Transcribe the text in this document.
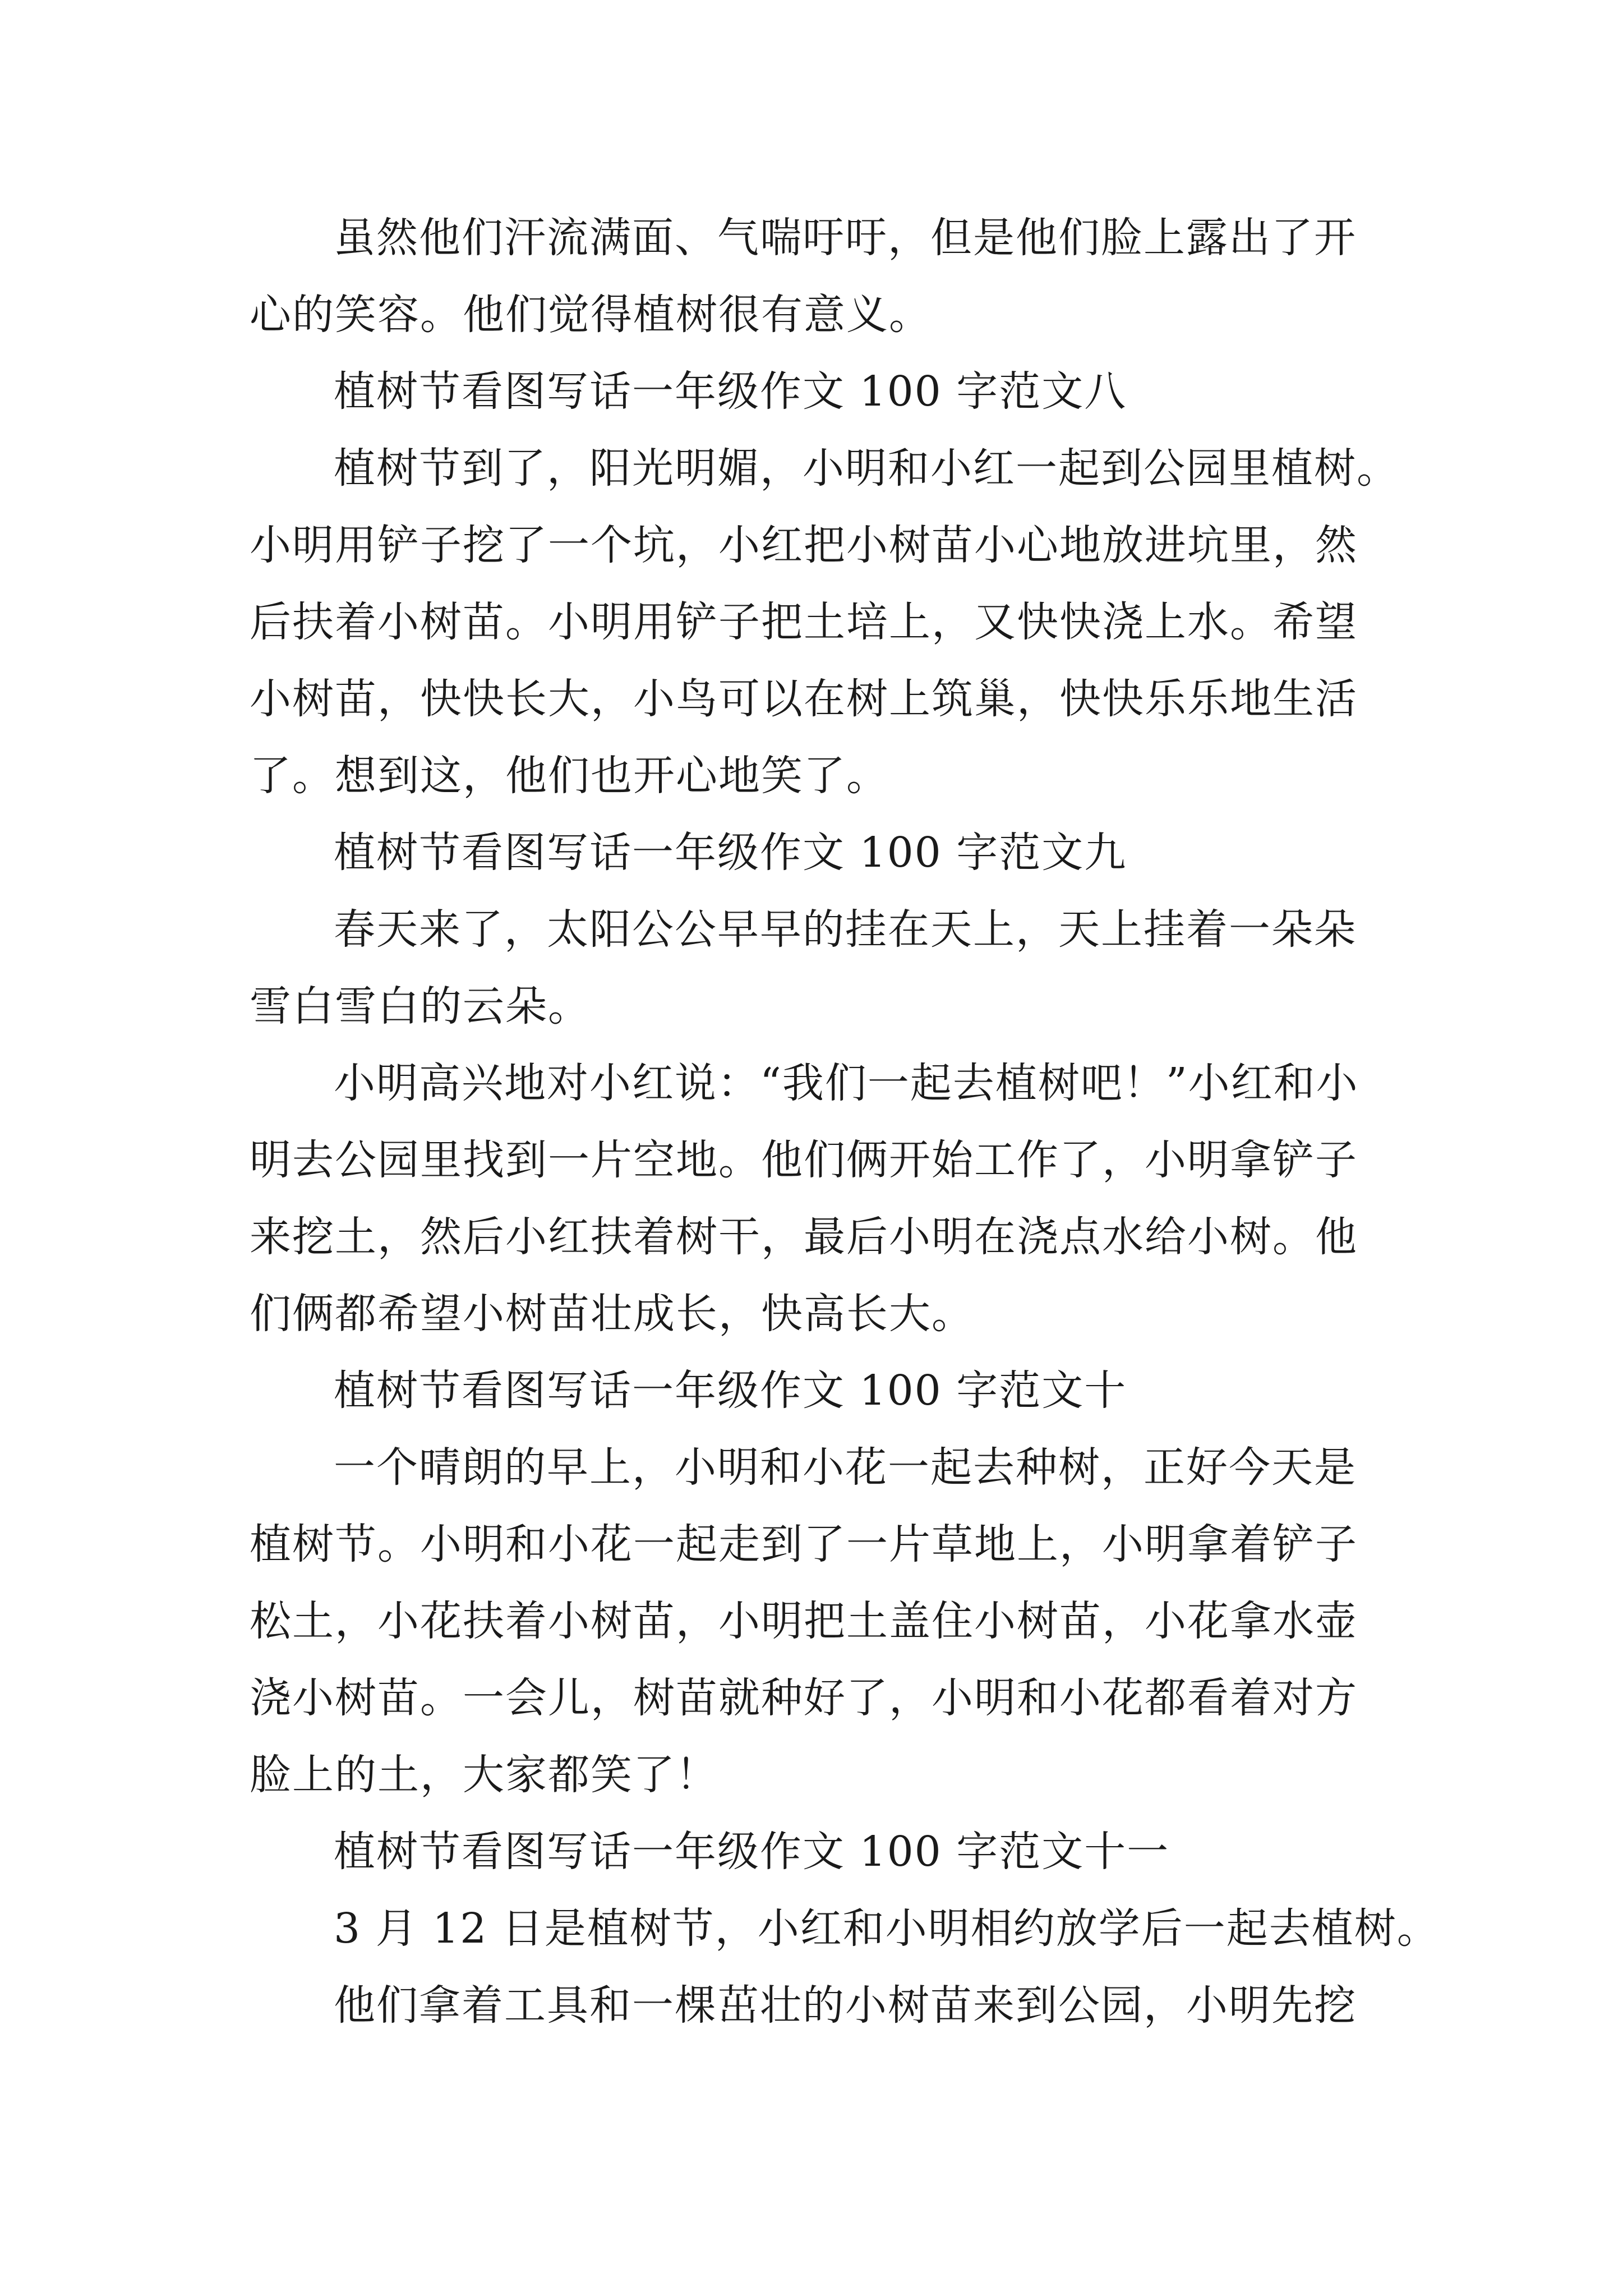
虽然他们汗流满面、气喘吁吁，但是他们脸上露出了开
心的笑容。他们觉得植树很有意义。
植树节看图写话一年级作文 100 字范文八
植树节到了，阳光明媚，小明和小红一起到公园里植树。
小明用铲子挖了一个坑，小红把小树苗小心地放进坑里，然
后扶着小树苗。小明用铲子把土培上，又快快浇上水。希望
小树苗，快快长大，小鸟可以在树上筑巢，快快乐乐地生活
了。想到这，他们也开心地笑了。
植树节看图写话一年级作文 100 字范文九
春天来了，太阳公公早早的挂在天上，天上挂着一朵朵
雪白雪白的云朵。
小明高兴地对小红说：“我们一起去植树吧！”小红和小
明去公园里找到一片空地。他们俩开始工作了，小明拿铲子
来挖土，然后小红扶着树干，最后小明在浇点水给小树。他
们俩都希望小树苗壮成长，快高长大。
植树节看图写话一年级作文 100 字范文十
一个晴朗的早上，小明和小花一起去种树，正好今天是
植树节。小明和小花一起走到了一片草地上，小明拿着铲子
松土，小花扶着小树苗，小明把土盖住小树苗，小花拿水壶
浇小树苗。一会儿，树苗就种好了，小明和小花都看着对方
脸上的土，大家都笑了！
植树节看图写话一年级作文 100 字范文十一
3 月 12 日是植树节，小红和小明相约放学后一起去植树。
他们拿着工具和一棵茁壮的小树苗来到公园，小明先挖
